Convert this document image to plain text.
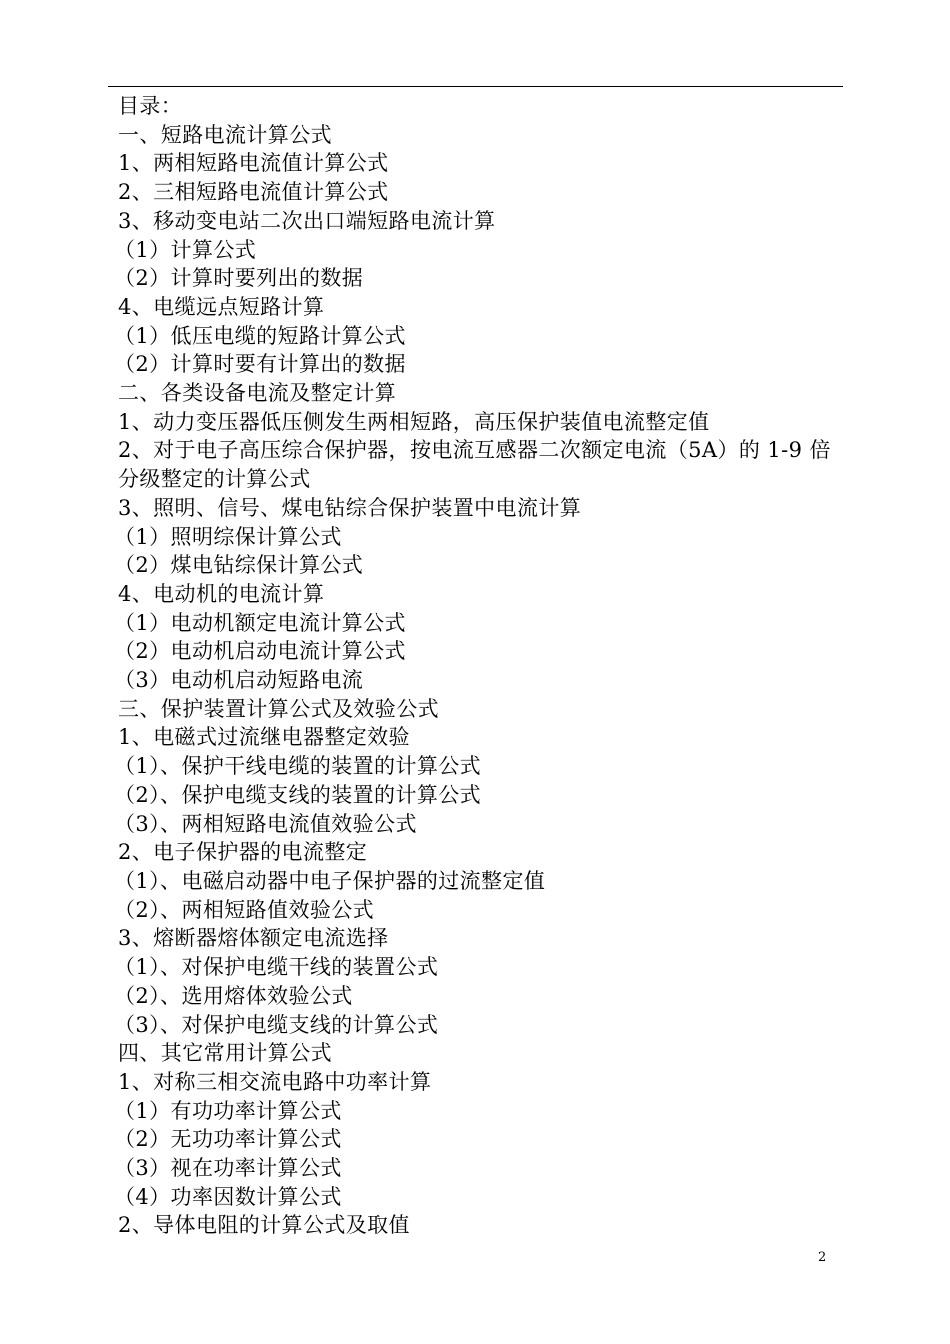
目录：
一、短路电流计算公式
1、两相短路电流值计算公式
2、三相短路电流值计算公式
3、移动变电站二次出口端短路电流计算
（1）计算公式
（2）计算时要列出的数据
4、电缆远点短路计算
（1）低压电缆的短路计算公式
（2）计算时要有计算出的数据
二、各类设备电流及整定计算
1、动力变压器低压侧发生两相短路，高压保护装值电流整定值
2、对于电子高压综合保护器，按电流互感器二次额定电流（5A）的 1-9 倍分级整定的计算公式
3、照明、信号、煤电钻综合保护装置中电流计算
（1）照明综保计算公式
（2）煤电钻综保计算公式
4、电动机的电流计算
（1）电动机额定电流计算公式
（2）电动机启动电流计算公式
（3）电动机启动短路电流
三、保护装置计算公式及效验公式
1、电磁式过流继电器整定效验
（1）、保护干线电缆的装置的计算公式
（2）、保护电缆支线的装置的计算公式
（3）、两相短路电流值效验公式
2、电子保护器的电流整定
（1）、电磁启动器中电子保护器的过流整定值
（2）、两相短路值效验公式
3、熔断器熔体额定电流选择
（1）、对保护电缆干线的装置公式
（2）、选用熔体效验公式
（3）、对保护电缆支线的计算公式
四、其它常用计算公式
1、对称三相交流电路中功率计算
（1）有功功率计算公式
（2）无功功率计算公式
（3）视在功率计算公式
（4）功率因数计算公式
2、导体电阻的计算公式及取值
2
